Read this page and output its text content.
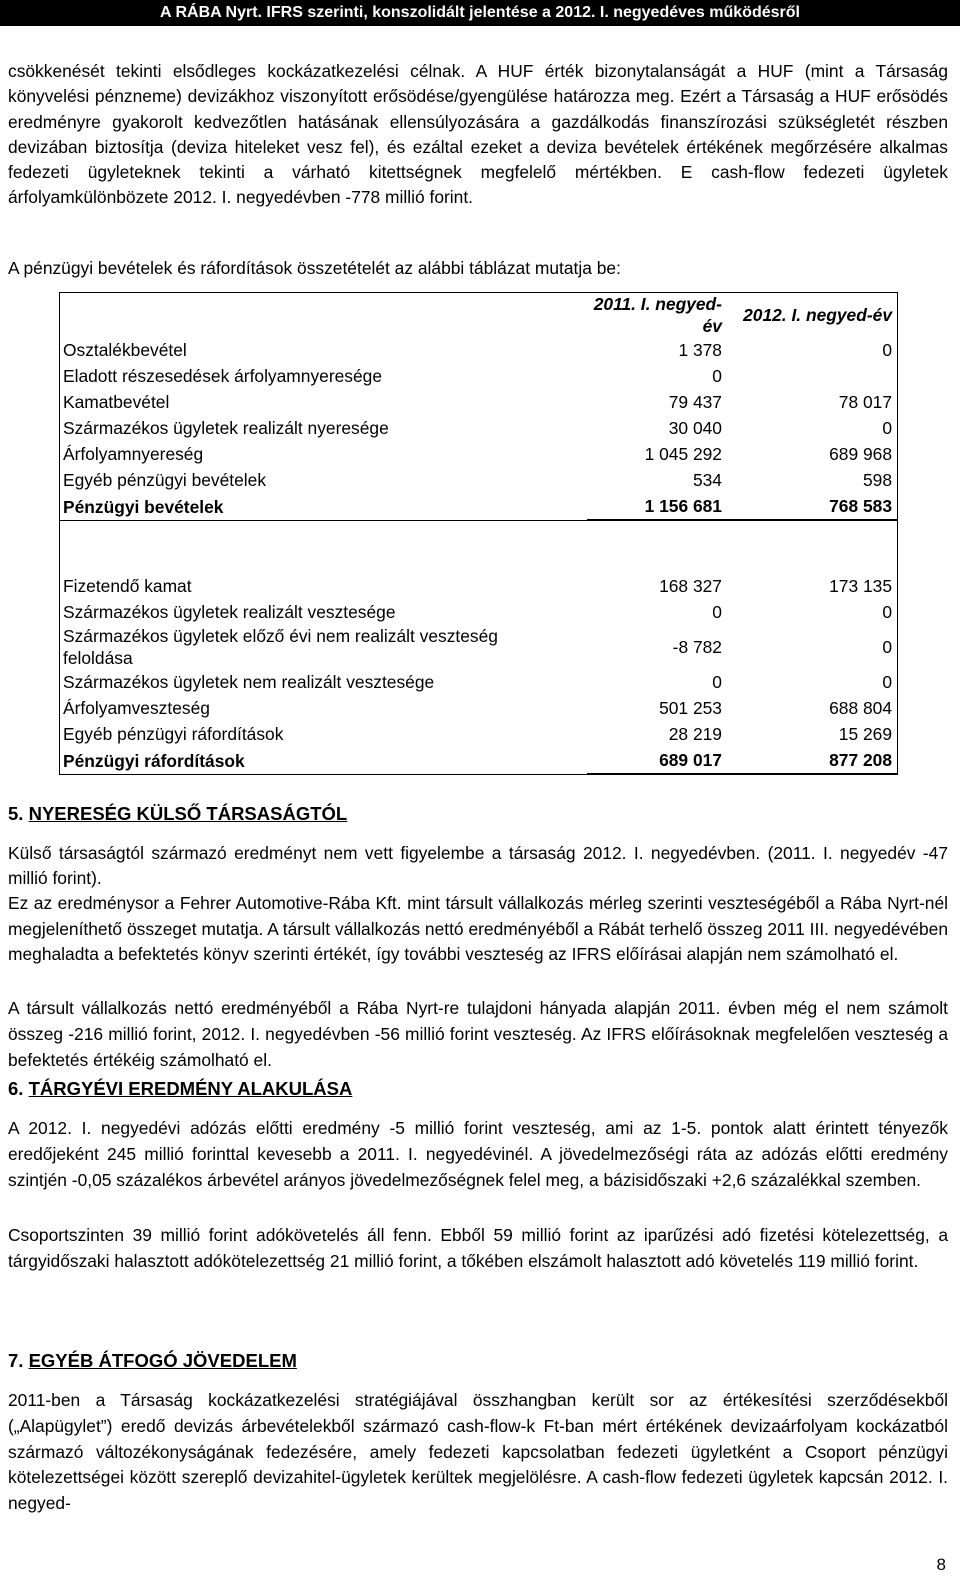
A RÁBA Nyrt. IFRS szerinti, konszolidált jelentése a 2012. I. negyedéves működésről
csökkenését tekinti elsődleges kockázatkezelési célnak. A HUF érték bizonytalanságát a HUF (mint a Társaság könyvelési pénzneme) devizákhoz viszonyított erősödése/gyengülése határozza meg. Ezért a Társaság a HUF erősödés eredményre gyakorolt kedvezőtlen hatásának ellensúlyozására a gazdálkodás finanszírozási szükségletét részben devizában biztosítja (deviza hiteleket vesz fel), és ezáltal ezeket a deviza bevételek értékének megőrzésére alkalmas fedezeti ügyleteknek tekinti a várható kitettségnek megfelelő mértékben. E cash-flow fedezeti ügyletek árfolyamkülönbözete 2012. I. negyedévben -778 millió forint.
A pénzügyi bevételek és ráfordítások összetételét az alábbi táblázat mutatja be:
	2011. I. negyed-év	2012. I. negyed-év
Osztalékbevétel	1 378	0
Eladott részesedések árfolyamnyeresége	0	
Kamatbevétel	79 437	78 017
Származékos ügyletek realizált nyeresége	30 040	0
Árfolyamnyereség	1 045 292	689 968
Egyéb pénzügyi bevételek	534	598
Pénzügyi bevételek	1 156 681	768 583

Fizetendő kamat	168 327	173 135
Származékos ügyletek realizált vesztesége	0	0
Származékos ügyletek előző évi nem realizált veszteség feloldása	-8 782	0
Származékos ügyletek nem realizált vesztesége	0	0
Árfolyamveszteség	501 253	688 804
Egyéb pénzügyi ráfordítások	28 219	15 269
Pénzügyi ráfordítások	689 017	877 208
5. NYERESÉG KÜLSŐ TÁRSASÁGTÓL
Külső társaságtól származó eredményt nem vett figyelembe a társaság 2012. I. negyedévben. (2011. I. negyedév -47 millió forint).
Ez az eredménysor a Fehrer Automotive-Rába Kft. mint társult vállalkozás mérleg szerinti veszteségéből a Rába Nyrt-nél megjeleníthető összeget mutatja. A társult vállalkozás nettó eredményéből a Rábát terhelő összeg 2011 III. negyedévében meghaladta a befektetés könyv szerinti értékét, így további veszteség az IFRS előírásai alapján nem számolható el.
A társult vállalkozás nettó eredményéből a Rába Nyrt-re tulajdoni hányada alapján 2011. évben még el nem számolt összeg -216 millió forint, 2012. I. negyedévben -56 millió forint veszteség. Az IFRS előírásoknak megfelelően veszteség a befektetés értékéig számolható el.
6. TÁRGYÉVI EREDMÉNY ALAKULÁSA
A 2012. I. negyedévi adózás előtti eredmény -5 millió forint veszteség, ami az 1-5. pontok alatt érintett tényezők eredőjeként 245 millió forinttal kevesebb a 2011. I. negyedévinél. A jövedelmezőségi ráta az adózás előtti eredmény szintjén -0,05 százalékos árbevétel arányos jövedelmezőségnek felel meg, a bázisidőszaki +2,6 százalékkal szemben.
Csoportszinten 39 millió forint adókövetelés áll fenn. Ebből 59 millió forint az iparűzési adó fizetési kötelezettség, a tárgyidőszaki halasztott adókötelezettség 21 millió forint, a tőkében elszámolt halasztott adó követelés 119 millió forint.
7. EGYÉB ÁTFOGÓ JÖVEDELEM
2011-ben a Társaság kockázatkezelési stratégiájával összhangban került sor az értékesítési szerződésekből („Alapügylet”) eredő devizás árbevételekből származó cash-flow-k Ft-ban mért értékének devizaárfolyam kockázatból származó változékonyságának fedezésére, amely fedezeti kapcsolatban fedezeti ügyletként a Csoport pénzügyi kötelezettségei között szereplő devizahitel-ügyletek kerültek megjelölésre. A cash-flow fedezeti ügyletek kapcsán 2012. I. negyed-
8
